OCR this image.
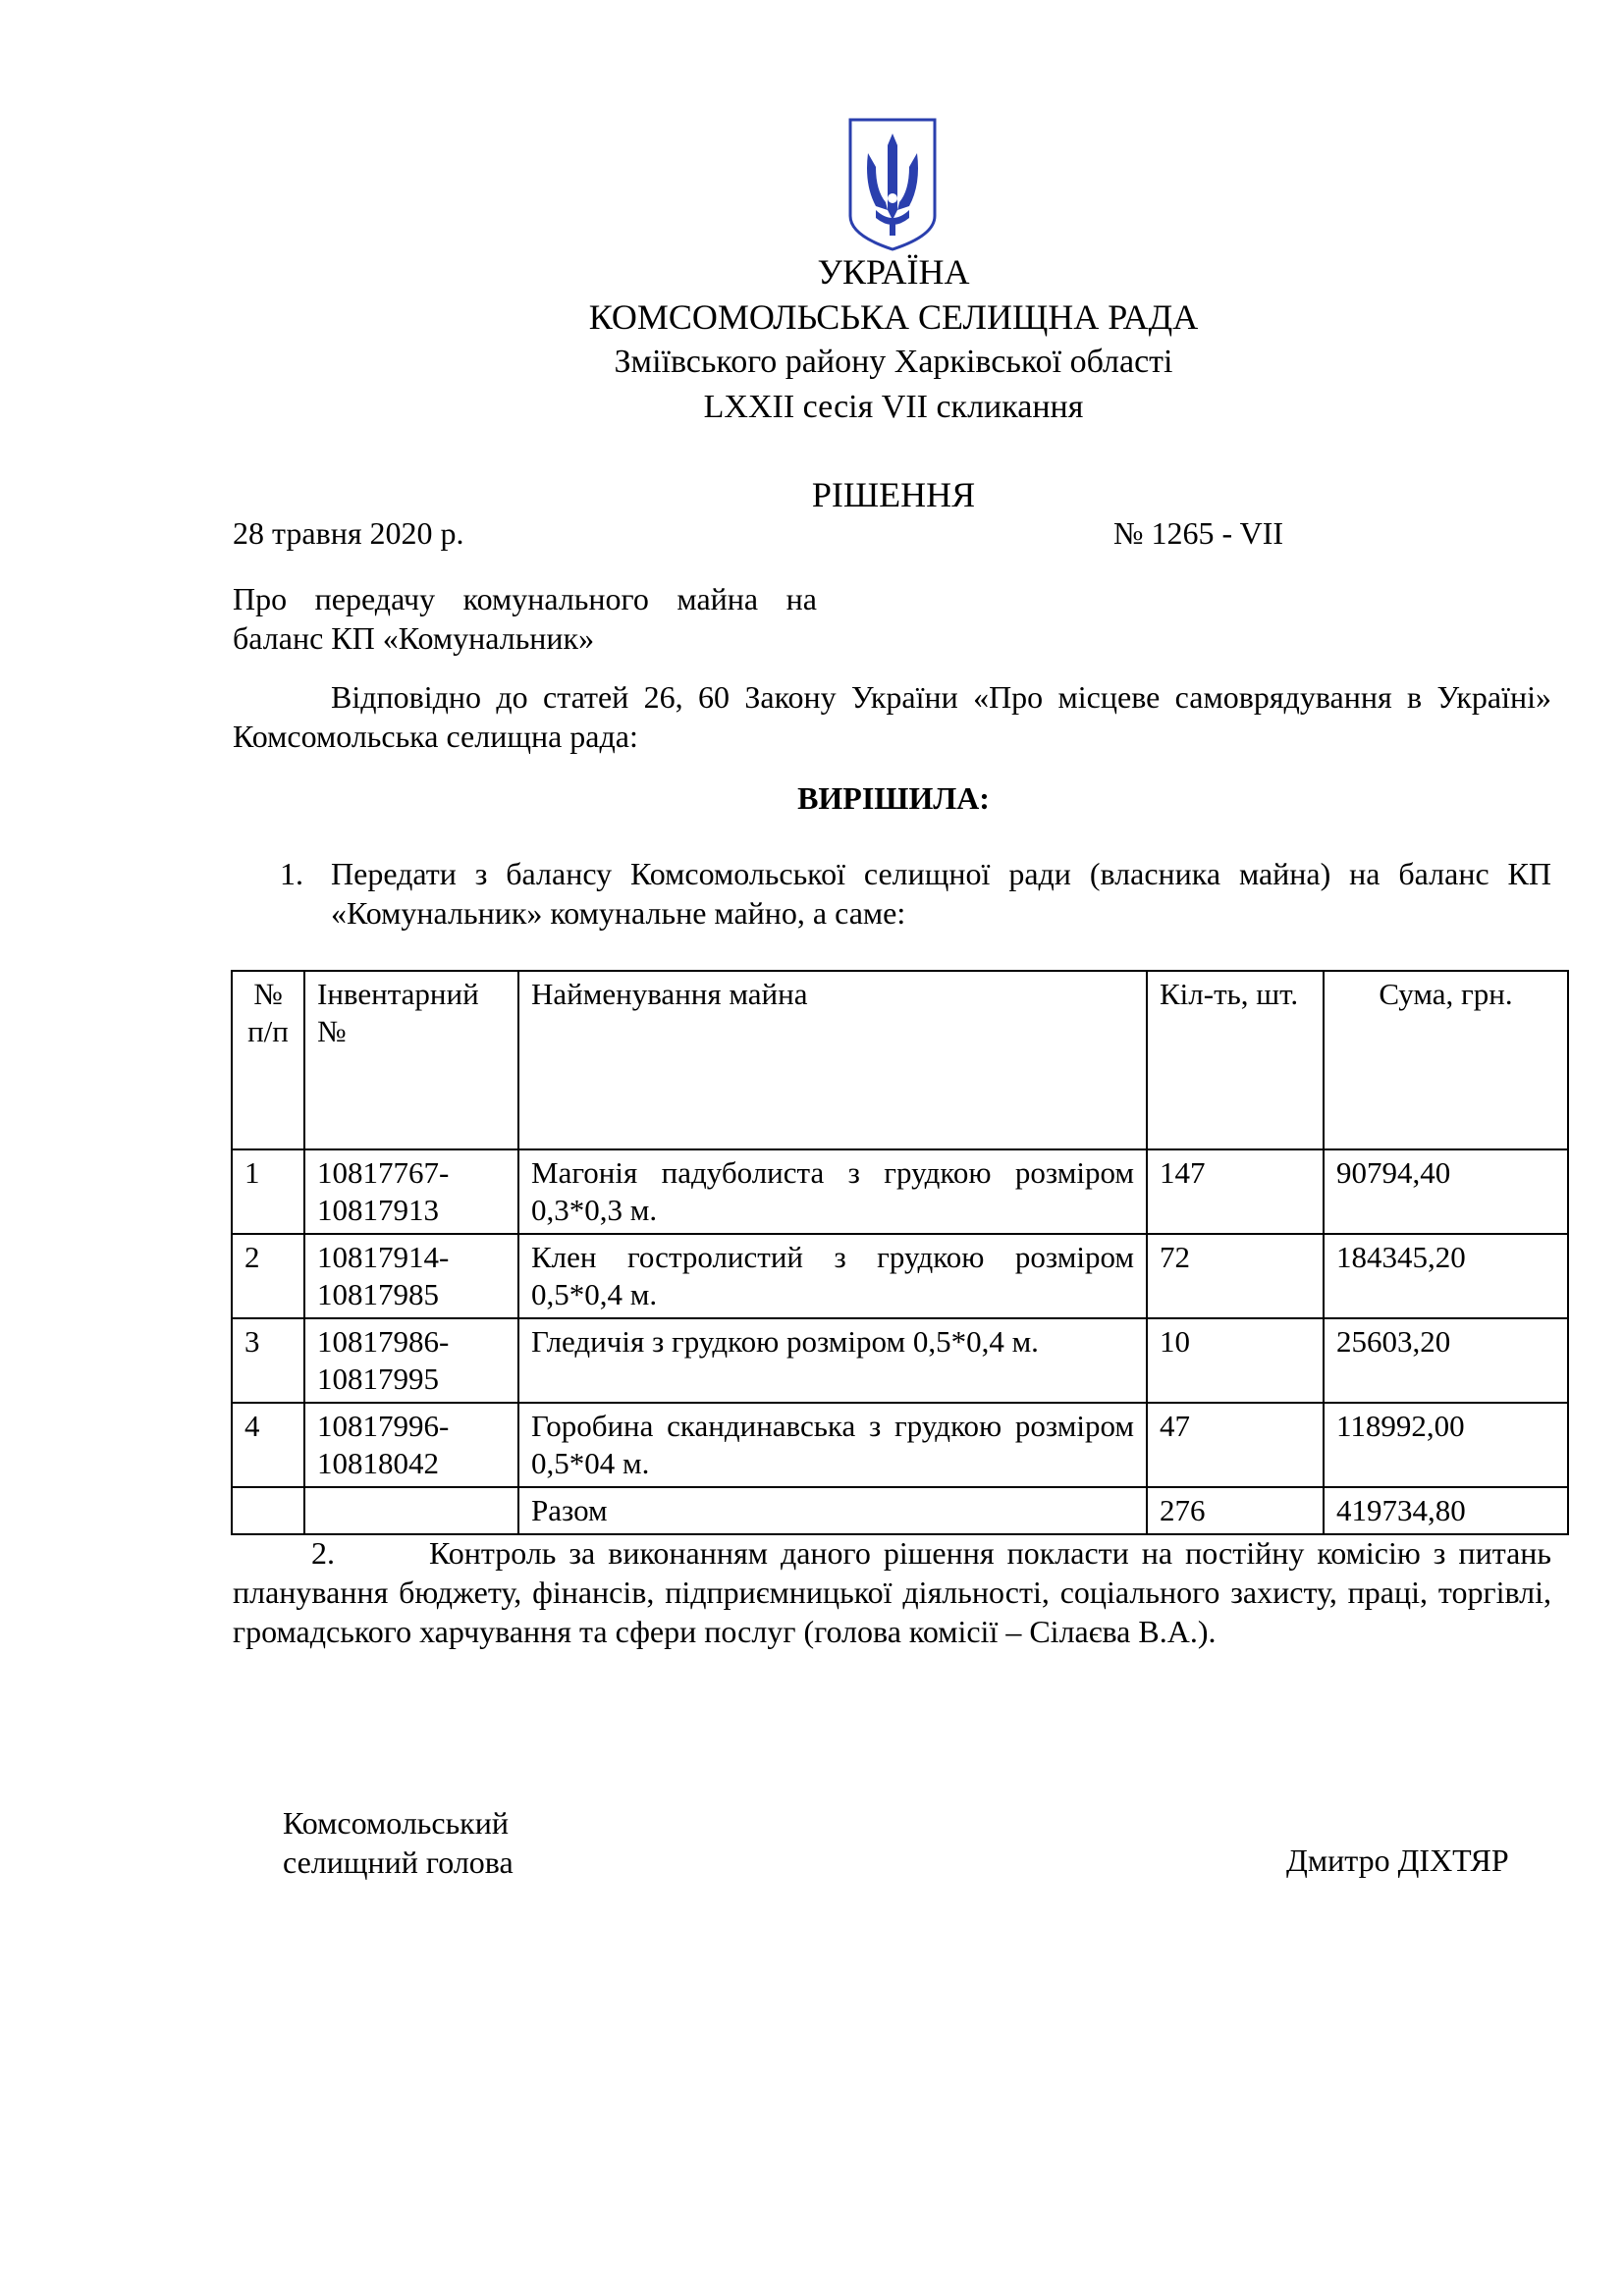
УКРАЇНА
КОМСОМОЛЬСЬКА СЕЛИЩНА РАДА
Зміївського району Харківської області
LXXII сесія VII скликання
РІШЕННЯ
28 травня 2020 р.	№ 1265 - VII
Про передачу комунального майна на
баланс КП «Комунальник»
Відповідно до статей 26, 60 Закону України «Про місцеве самоврядування в Україні» Комсомольська селищна рада:
ВИРІШИЛА:
1. Передати з балансу Комсомольської селищної ради (власника майна) на баланс КП «Комунальник» комунальне майно, а саме:
№ п/п	Інвентарний №	Найменування майна	Кіл-ть, шт.	Сума, грн.
1	10817767-10817913	Магонія падуболиста з грудкою розміром 0,3*0,3 м.	147	90794,40
2	10817914-10817985	Клен гостролистий з грудкою розміром 0,5*0,4 м.	72	184345,20
3	10817986-10817995	Гледичія з грудкою розміром 0,5*0,4 м.	10	25603,20
4	10817996-10818042	Горобина скандинавська з грудкою розміром 0,5*04 м.	47	118992,00
		Разом	276	419734,80
2.	Контроль за виконанням даного рішення покласти на постійну комісію з питань планування бюджету, фінансів, підприємницької діяльності, соціального захисту, праці, торгівлі, громадського харчування та сфери послуг (голова комісії – Сілаєва В.А.).
Комсомольський
селищний голова	Дмитро ДІХТЯР
